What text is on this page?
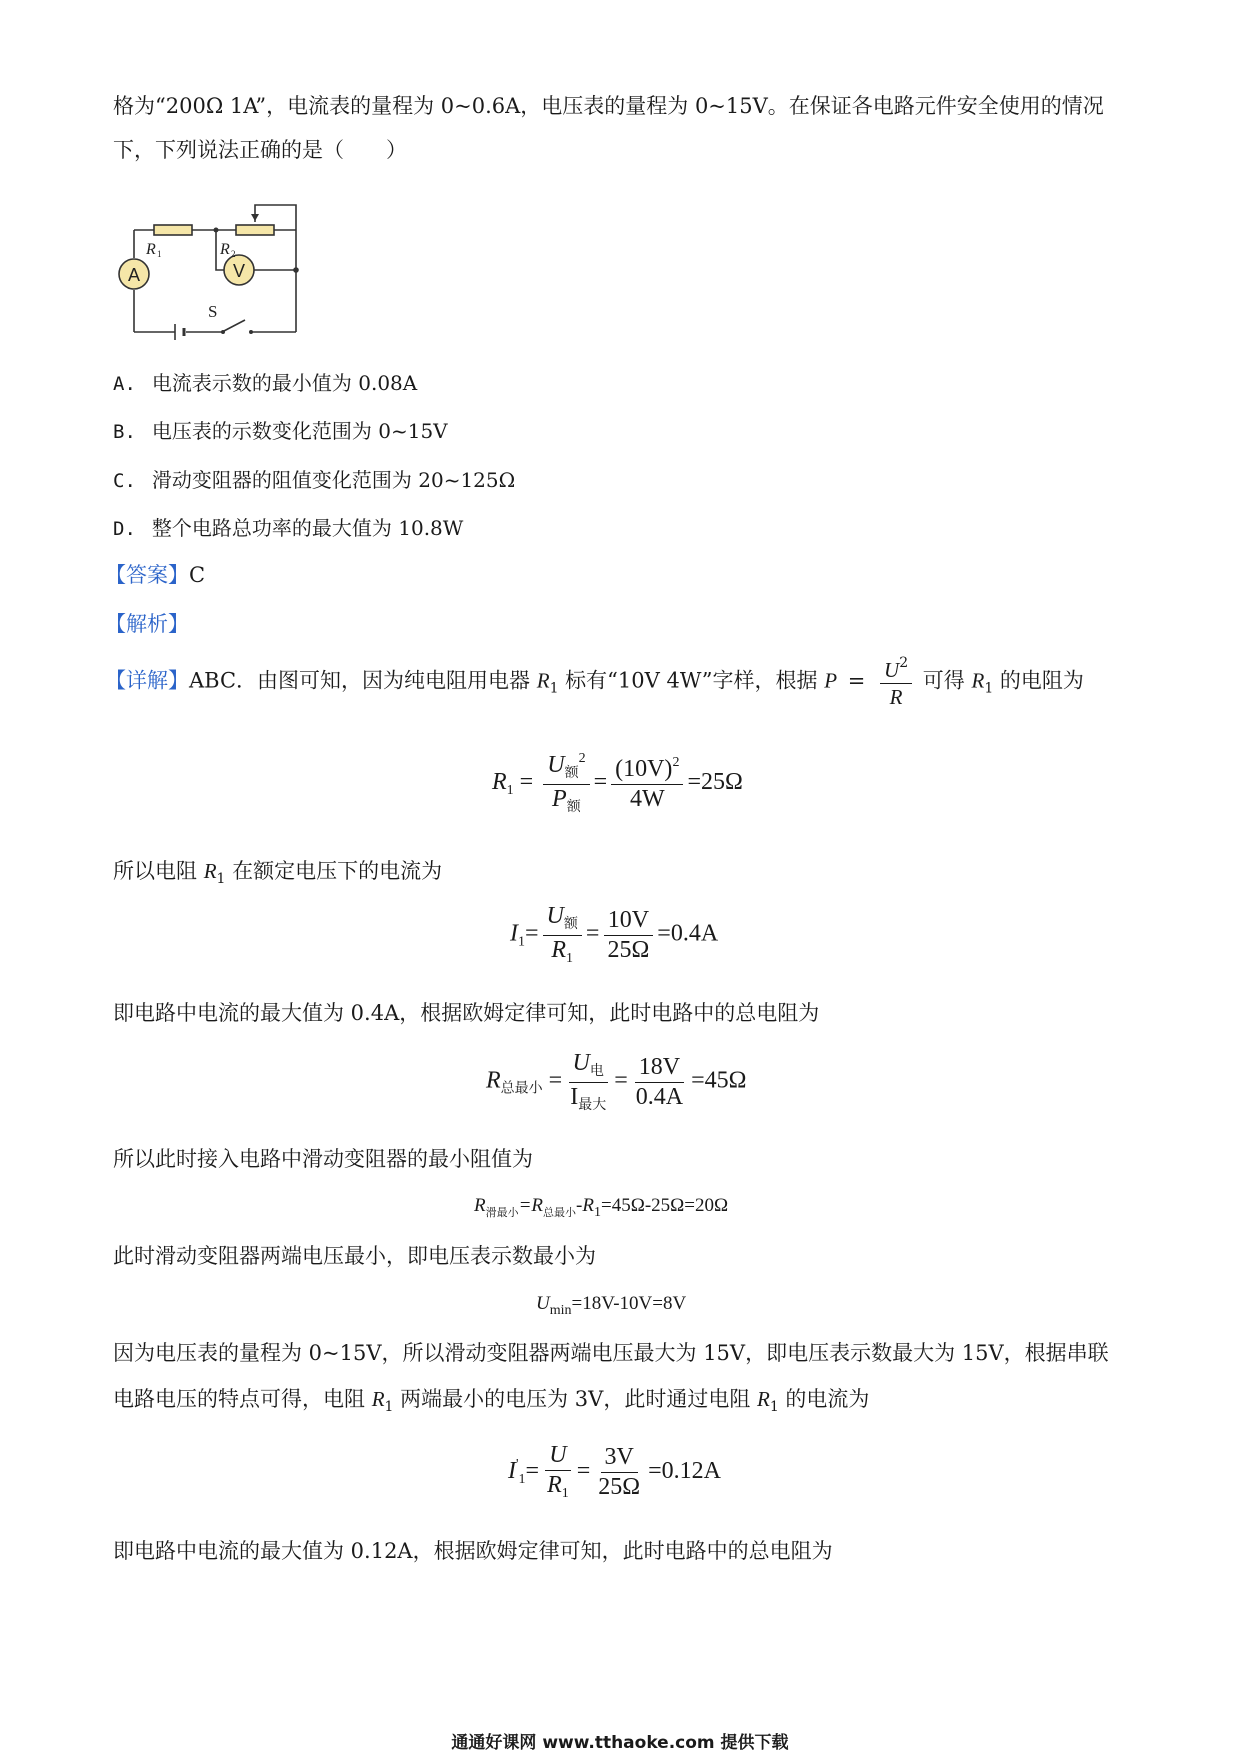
格为“200Ω 1A”，电流表的量程为 0~0.6A，电压表的量程为 0~15V。在保证各电路元件安全使用的情况
下，下列说法正确的是（　　）
A	V
R 1	R 2
S
A. 电流表示数的最小值为 0.08A
B. 电压表的示数变化范围为 0~15V
C. 滑动变阻器的阻值变化范围为 20~125Ω
D. 整个电路总功率的最大值为 10.8W
【答案】C
【解析】
【详解】ABC．由图可知，因为纯电阻用电器 $R_1$ 标有“10V 4W”字样，根据 $P = \frac{U^2}{R}$ 可得 $R_1$ 的电阻为
$R_1 = \frac{U_额^2}{P_额} = \frac{(10V)^2}{4W} =25\Omega$
所以电阻 $R_1$ 在额定电压下的电流为
$I_1= \frac{U_额}{R_1} = \frac{10V}{25\Omega} =0.4A$
即电路中电流的最大值为 0.4A，根据欧姆定律可知，此时电路中的总电阻为
$R_{总最小} = \frac{U_电}{I_{最大}} = \frac{18V}{0.4A} =45\Omega$
所以此时接入电路中滑动变阻器的最小阻值为
$R_{滑最小}=R_{总最小}-R_1=45\Omega-25\Omega=20\Omega$
此时滑动变阻器两端电压最小，即电压表示数最小为
$U_{min}=18V-10V=8V$
因为电压表的量程为 0~15V，所以滑动变阻器两端电压最大为 15V，即电压表示数最大为 15V，根据串联
电路电压的特点可得，电阻 $R_1$ 两端最小的电压为 3V，此时通过电阻 $R_1$ 的电流为
$I'_1= \frac{U}{R_1} = \frac{3V}{25\Omega} =0.12A$
即电路中电流的最大值为 0.12A，根据欧姆定律可知，此时电路中的总电阻为
通通好课网 www.tthaoke.com 提供下载
